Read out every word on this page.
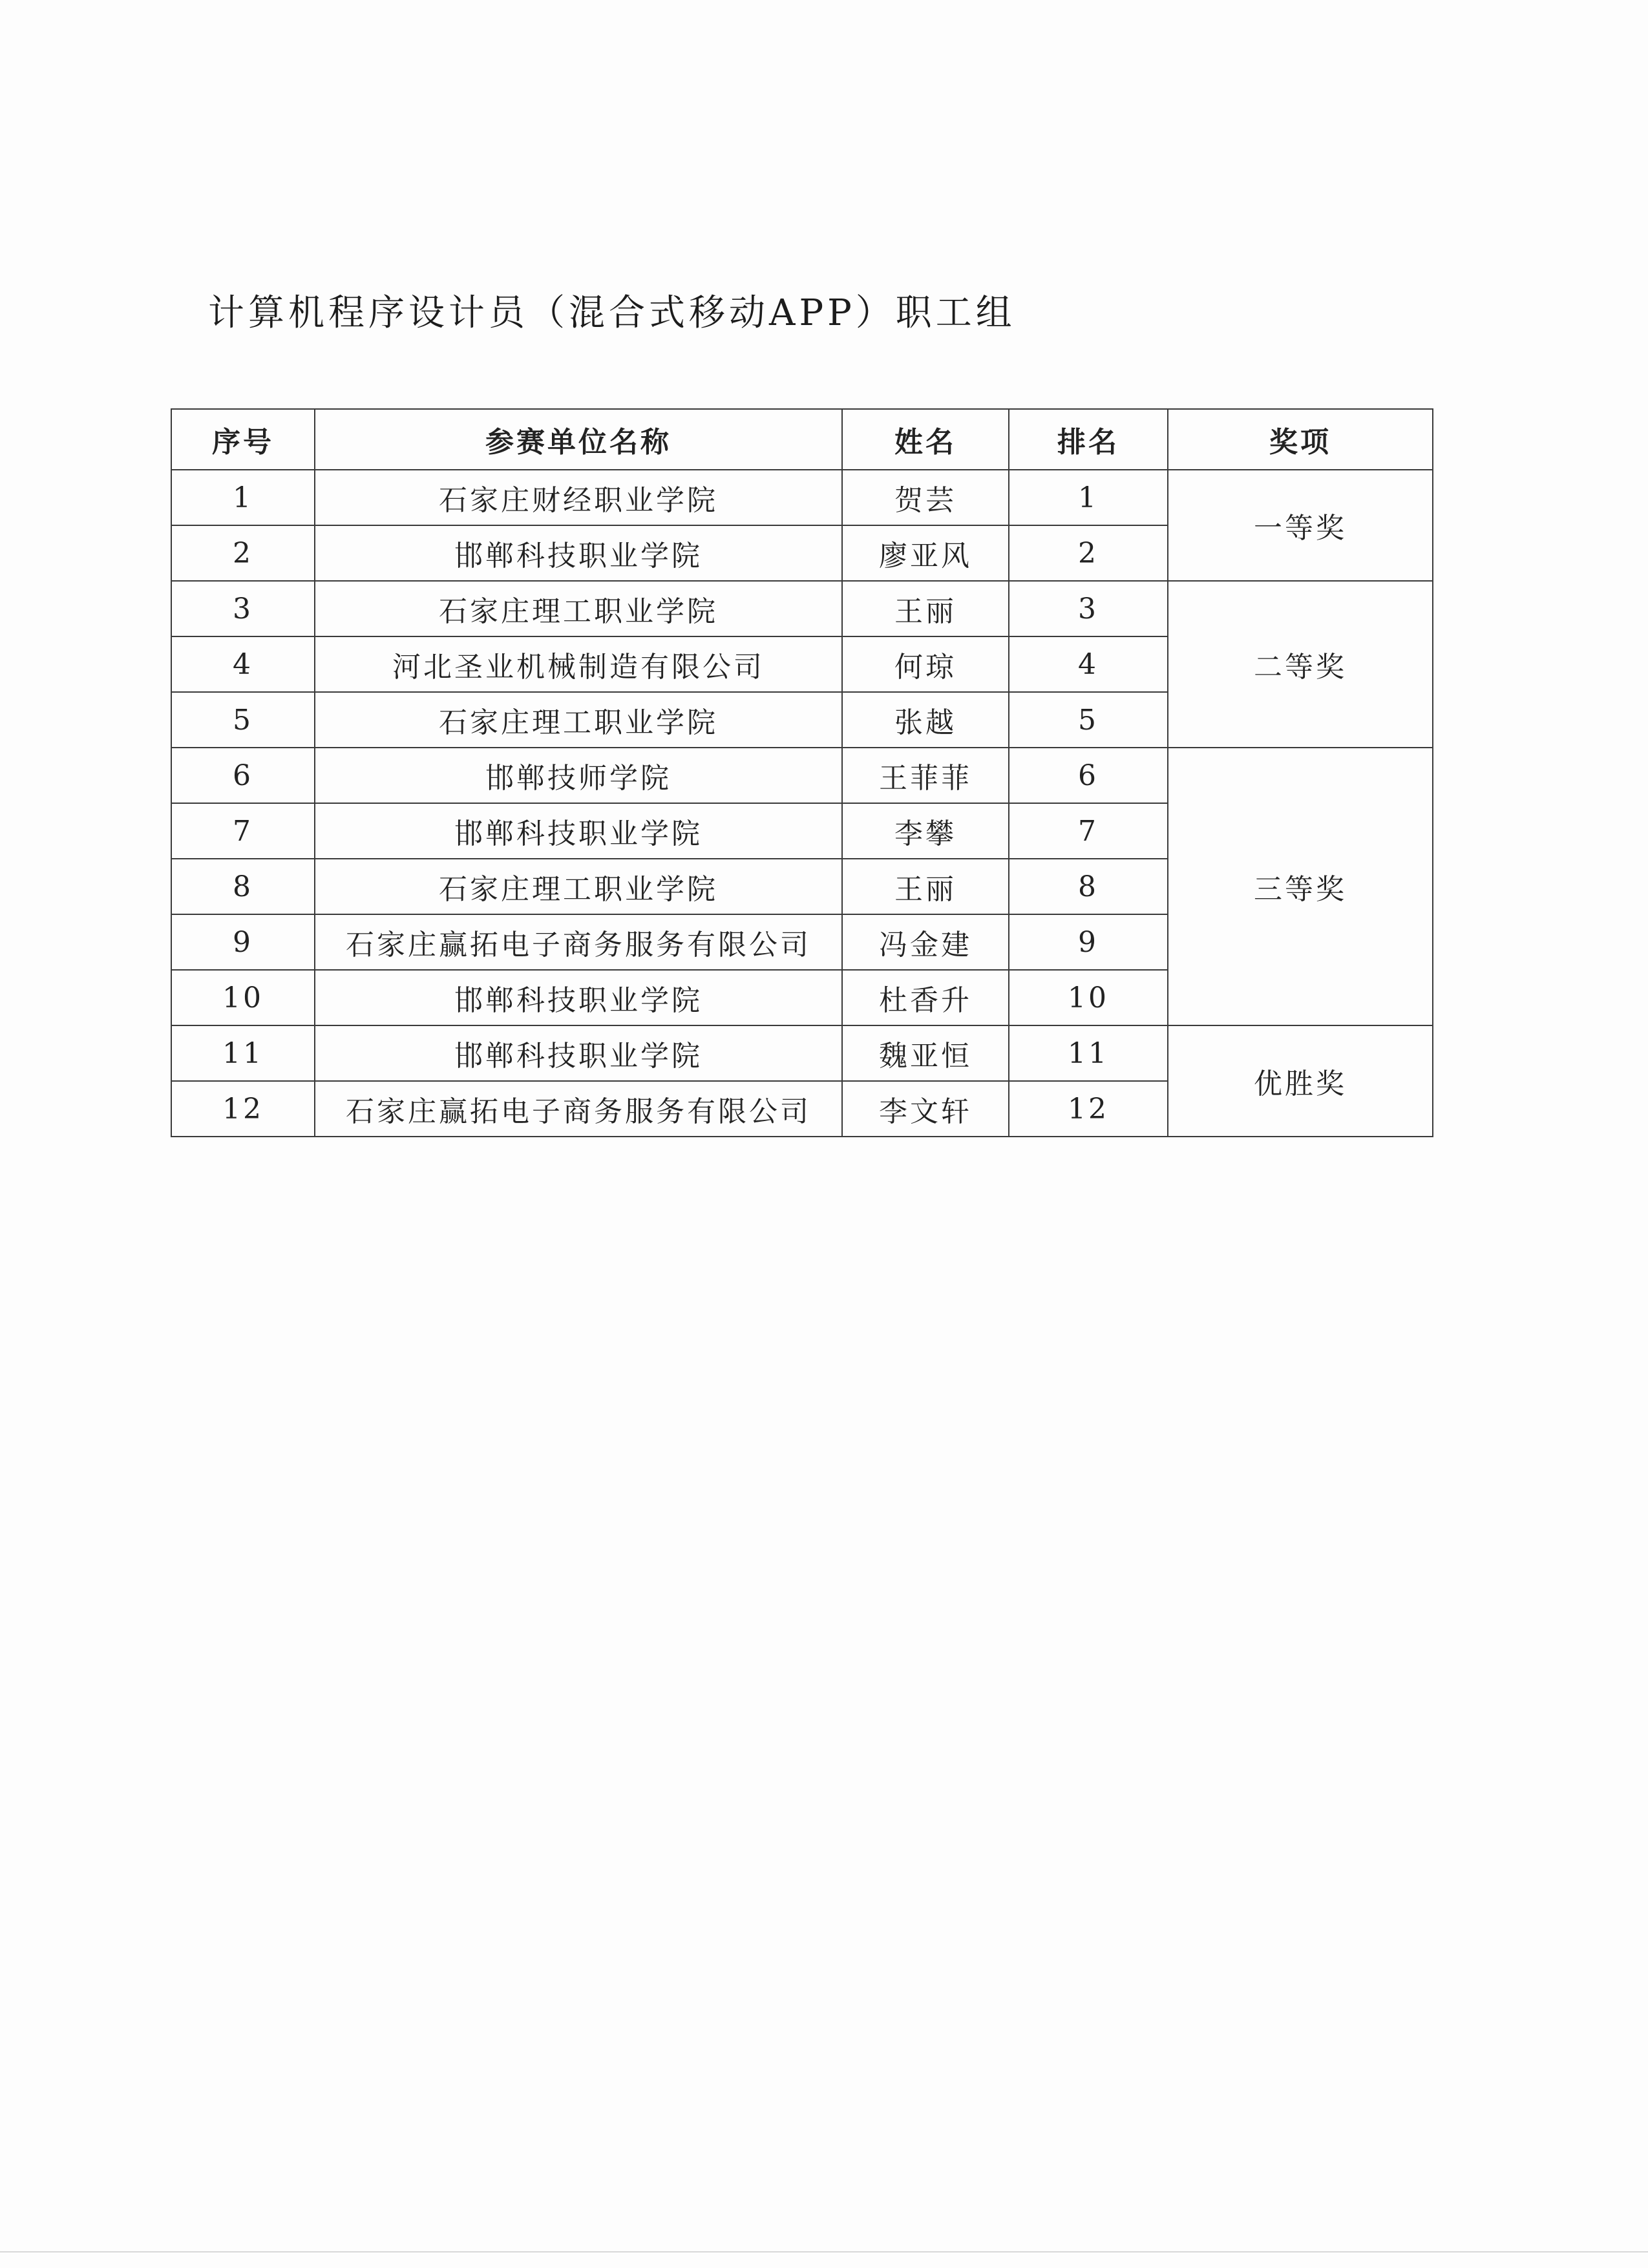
计算机程序设计员（混合式移动APP）职工组
序号	参赛单位名称	姓名	排名	奖项
1	石家庄财经职业学院	贺芸	1	一等奖
2	邯郸科技职业学院	廖亚风	2	
3	石家庄理工职业学院	王丽	3	二等奖
4	河北圣业机械制造有限公司	何琼	4	
5	石家庄理工职业学院	张越	5	
6	邯郸技师学院	王菲菲	6	三等奖
7	邯郸科技职业学院	李攀	7	
8	石家庄理工职业学院	王丽	8	
9	石家庄赢拓电子商务服务有限公司	冯金建	9	
10	邯郸科技职业学院	杜香升	10	
11	邯郸科技职业学院	魏亚恒	11	优胜奖
12	石家庄赢拓电子商务服务有限公司	李文轩	12	
